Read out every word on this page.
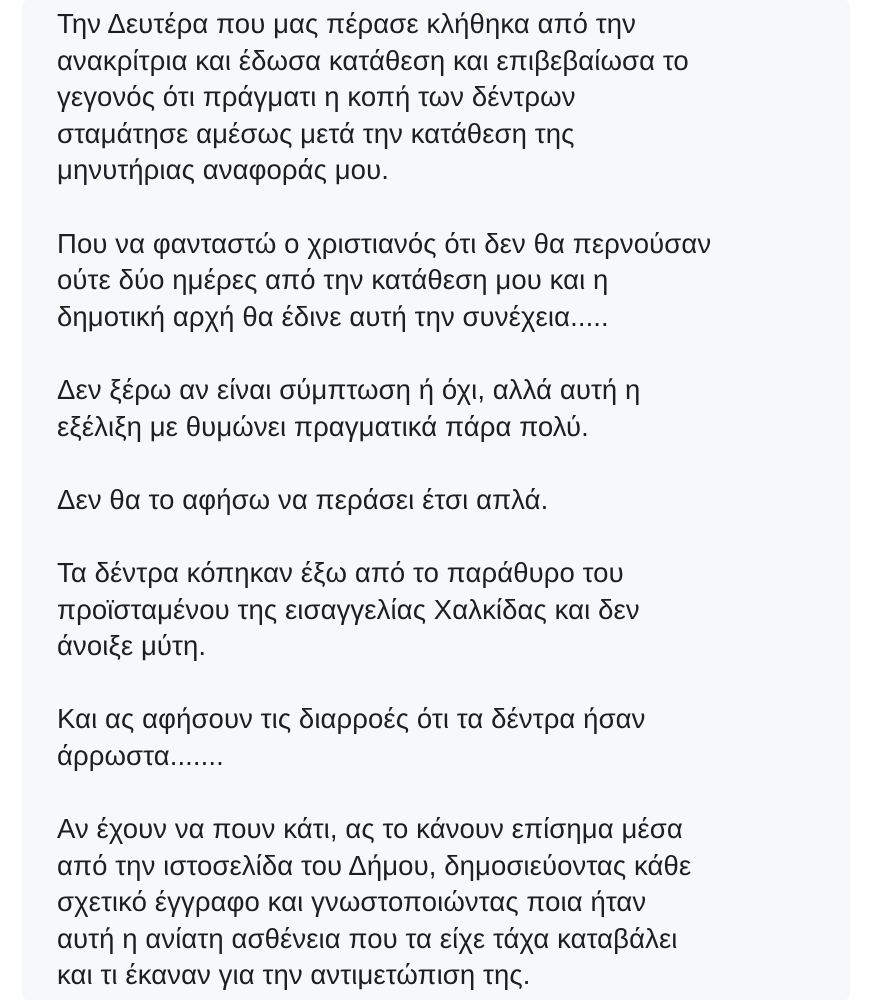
Την Δευτέρα που μας πέρασε κλήθηκα από την
ανακρίτρια και έδωσα κατάθεση και επιβεβαίωσα το
γεγονός ότι πράγματι η κοπή των δέντρων
σταμάτησε αμέσως μετά την κατάθεση της
μηνυτήριας αναφοράς μου.

Που να φανταστώ ο χριστιανός ότι δεν θα περνούσαν
ούτε δύο ημέρες από την κατάθεση μου και η
δημοτική αρχή θα έδινε αυτή την συνέχεια.....

Δεν ξέρω αν είναι σύμπτωση ή όχι, αλλά αυτή η
εξέλιξη με θυμώνει πραγματικά πάρα πολύ.

Δεν θα το αφήσω να περάσει έτσι απλά.

Τα δέντρα κόπηκαν έξω από το παράθυρο του
προϊσταμένου της εισαγγελίας Χαλκίδας και δεν
άνοιξε μύτη.

Και ας αφήσουν τις διαρροές ότι τα δέντρα ήσαν
άρρωστα.......

Αν έχουν να πουν κάτι, ας το κάνουν επίσημα μέσα
από την ιστοσελίδα του Δήμου, δημοσιεύοντας κάθε
σχετικό έγγραφο και γνωστοποιώντας ποια ήταν
αυτή η ανίατη ασθένεια που τα είχε τάχα καταβάλει
και τι έκαναν για την αντιμετώπιση της.
